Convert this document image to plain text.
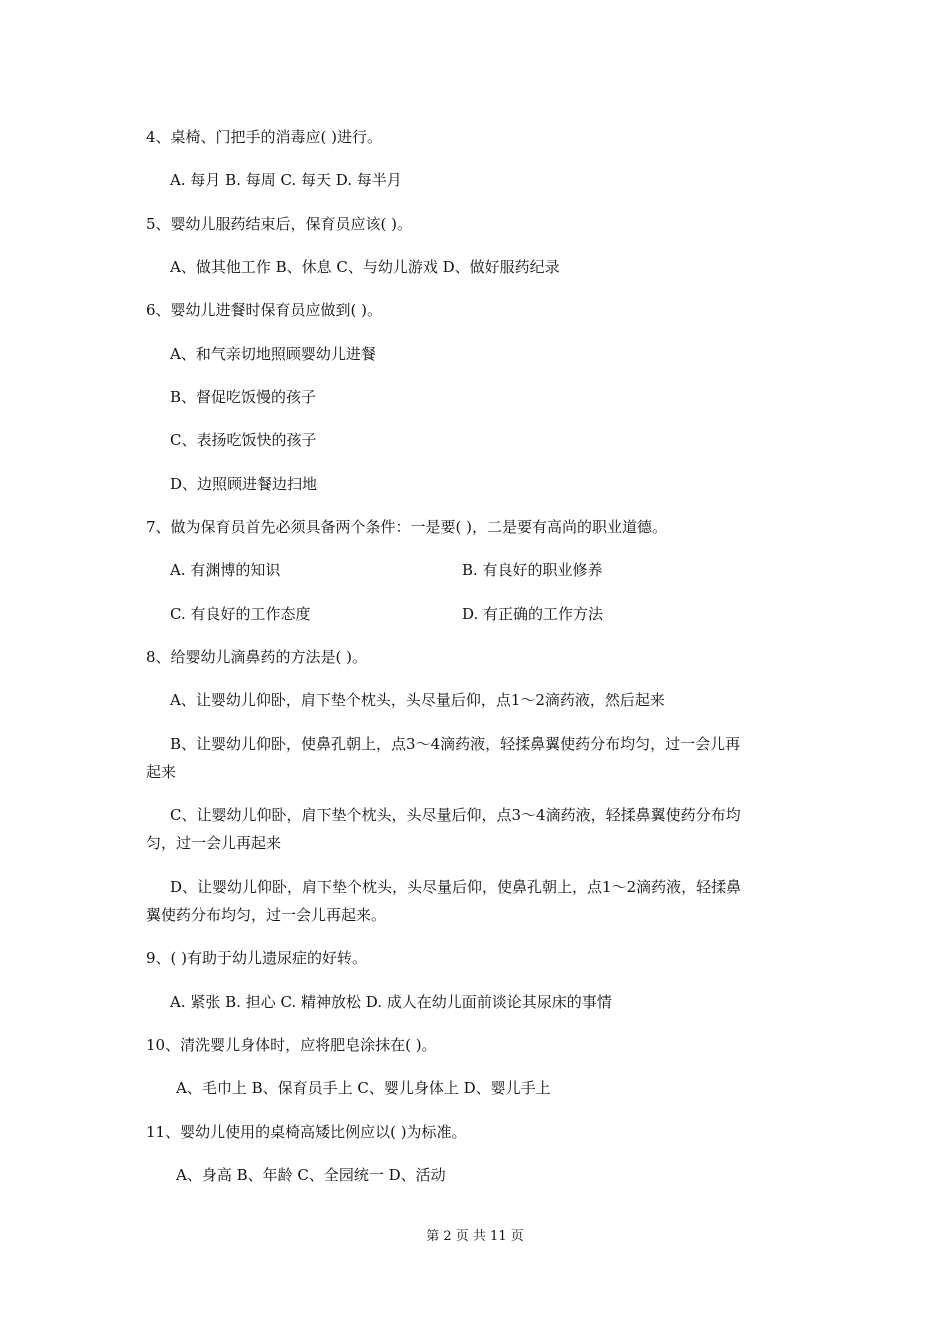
4、桌椅、门把手的消毒应( )进行。
A. 每月 B. 每周 C. 每天 D. 每半月
5、婴幼儿服药结束后，保育员应该( )。
A、做其他工作 B、休息 C、与幼儿游戏 D、做好服药纪录
6、婴幼儿进餐时保育员应做到( )。
A、和气亲切地照顾婴幼儿进餐
B、督促吃饭慢的孩子
C、表扬吃饭快的孩子
D、边照顾进餐边扫地
7、做为保育员首先必须具备两个条件：一是要( )，二是要有高尚的职业道德。
A. 有渊博的知识	B. 有良好的职业修养
C. 有良好的工作态度	D. 有正确的工作方法
8、给婴幼儿滴鼻药的方法是( )。
A、让婴幼儿仰卧，肩下垫个枕头，头尽量后仰，点1～2滴药液，然后起来
B、让婴幼儿仰卧，使鼻孔朝上，点3～4滴药液，轻揉鼻翼使药分布均匀，过一会儿再
起来
C、让婴幼儿仰卧，肩下垫个枕头，头尽量后仰，点3～4滴药液，轻揉鼻翼使药分布均
匀，过一会儿再起来
D、让婴幼儿仰卧，肩下垫个枕头，头尽量后仰，使鼻孔朝上，点1～2滴药液，轻揉鼻
翼使药分布均匀，过一会儿再起来。
9、( )有助于幼儿遗尿症的好转。
A. 紧张 B. 担心 C. 精神放松 D. 成人在幼儿面前谈论其尿床的事情
10、清洗婴儿身体时，应将肥皂涂抹在( )。
A、毛巾上 B、保育员手上 C、婴儿身体上 D、婴儿手上
11、婴幼儿使用的桌椅高矮比例应以( )为标准。
A、身高 B、年龄 C、全园统一 D、活动
第 2 页 共 11 页
